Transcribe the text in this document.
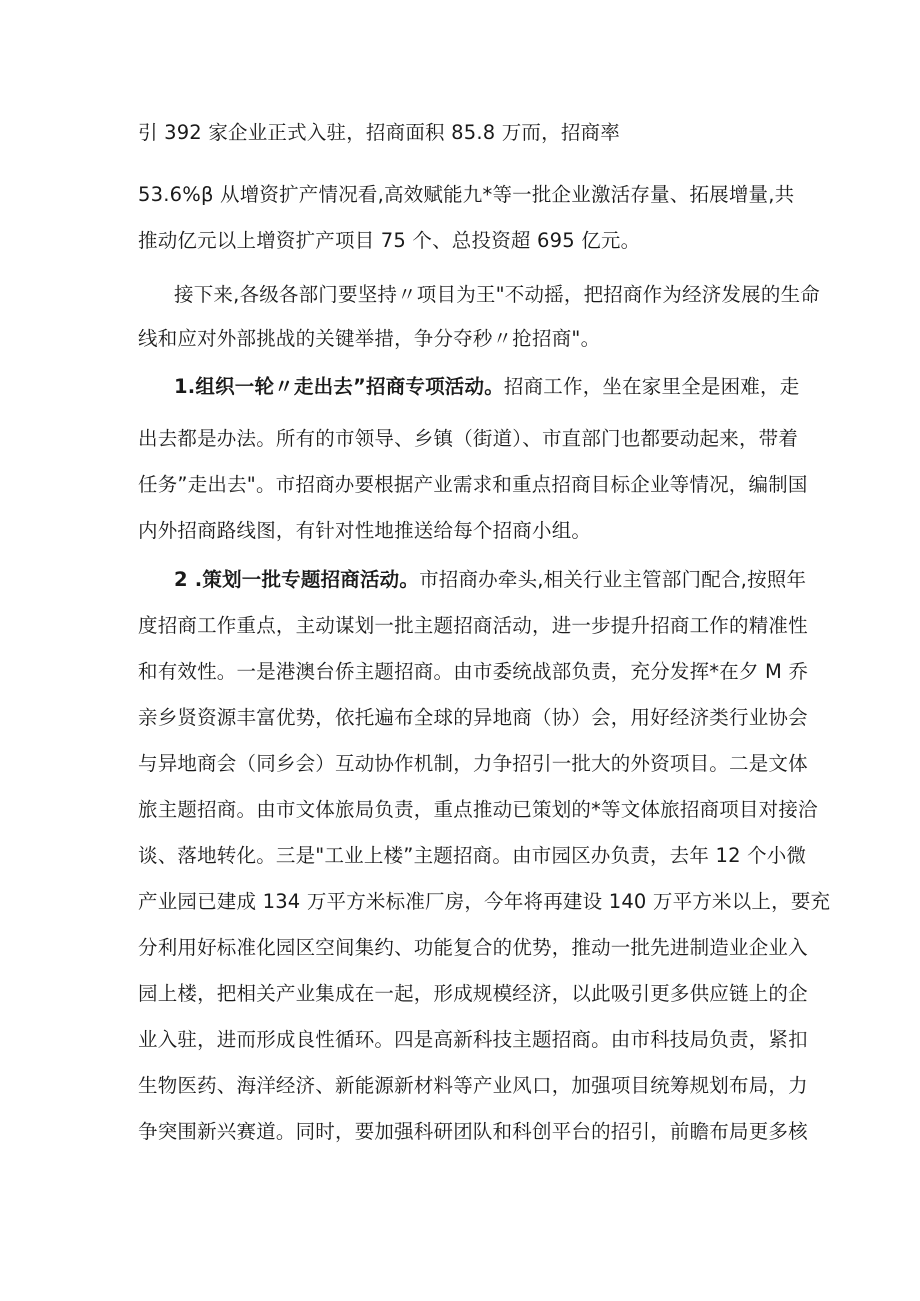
引 392 家企业正式入驻，招商面积 85.8 万而，招商率
53.6%β 从增资扩产情况看,高效赋能九*等一批企业激活存量、拓展增量,共
推动亿元以上增资扩产项目 75 个、总投资超 695 亿元。
接下来,各级各部门要坚持〃项目为王"不动摇，把招商作为经济发展的生命
线和应对外部挑战的关键举措，争分夺秒〃抢招商"。
1.组织一轮〃走出去”招商专项活动。招商工作，坐在家里全是困难，走
出去都是办法。所有的市领导、乡镇（街道）、市直部门也都要动起来，带着
任务”走出去"。市招商办要根据产业需求和重点招商目标企业等情况，编制国
内外招商路线图，有针对性地推送给每个招商小组。
2 .策划一批专题招商活动。市招商办牵头,相关行业主管部门配合,按照年
度招商工作重点，主动谋划一批主题招商活动，进一步提升招商工作的精准性
和有效性。一是港澳台侨主题招商。由市委统战部负责，充分发挥*在夕 M 乔
亲乡贤资源丰富优势，依托遍布全球的异地商（协）会，用好经济类行业协会
与异地商会（同乡会）互动协作机制，力争招引一批大的外资项目。二是文体
旅主题招商。由市文体旅局负责，重点推动已策划的*等文体旅招商项目对接洽
谈、落地转化。三是"工业上楼”主题招商。由市园区办负责，去年 12 个小微
产业园已建成 134 万平方米标准厂房，今年将再建设 140 万平方米以上，要充
分利用好标准化园区空间集约、功能复合的优势，推动一批先进制造业企业入
园上楼，把相关产业集成在一起，形成规模经济，以此吸引更多供应链上的企
业入驻，进而形成良性循环。四是高新科技主题招商。由市科技局负责，紧扣
生物医药、海洋经济、新能源新材料等产业风口，加强项目统筹规划布局，力
争突围新兴赛道。同时，要加强科研团队和科创平台的招引，前瞻布局更多核
